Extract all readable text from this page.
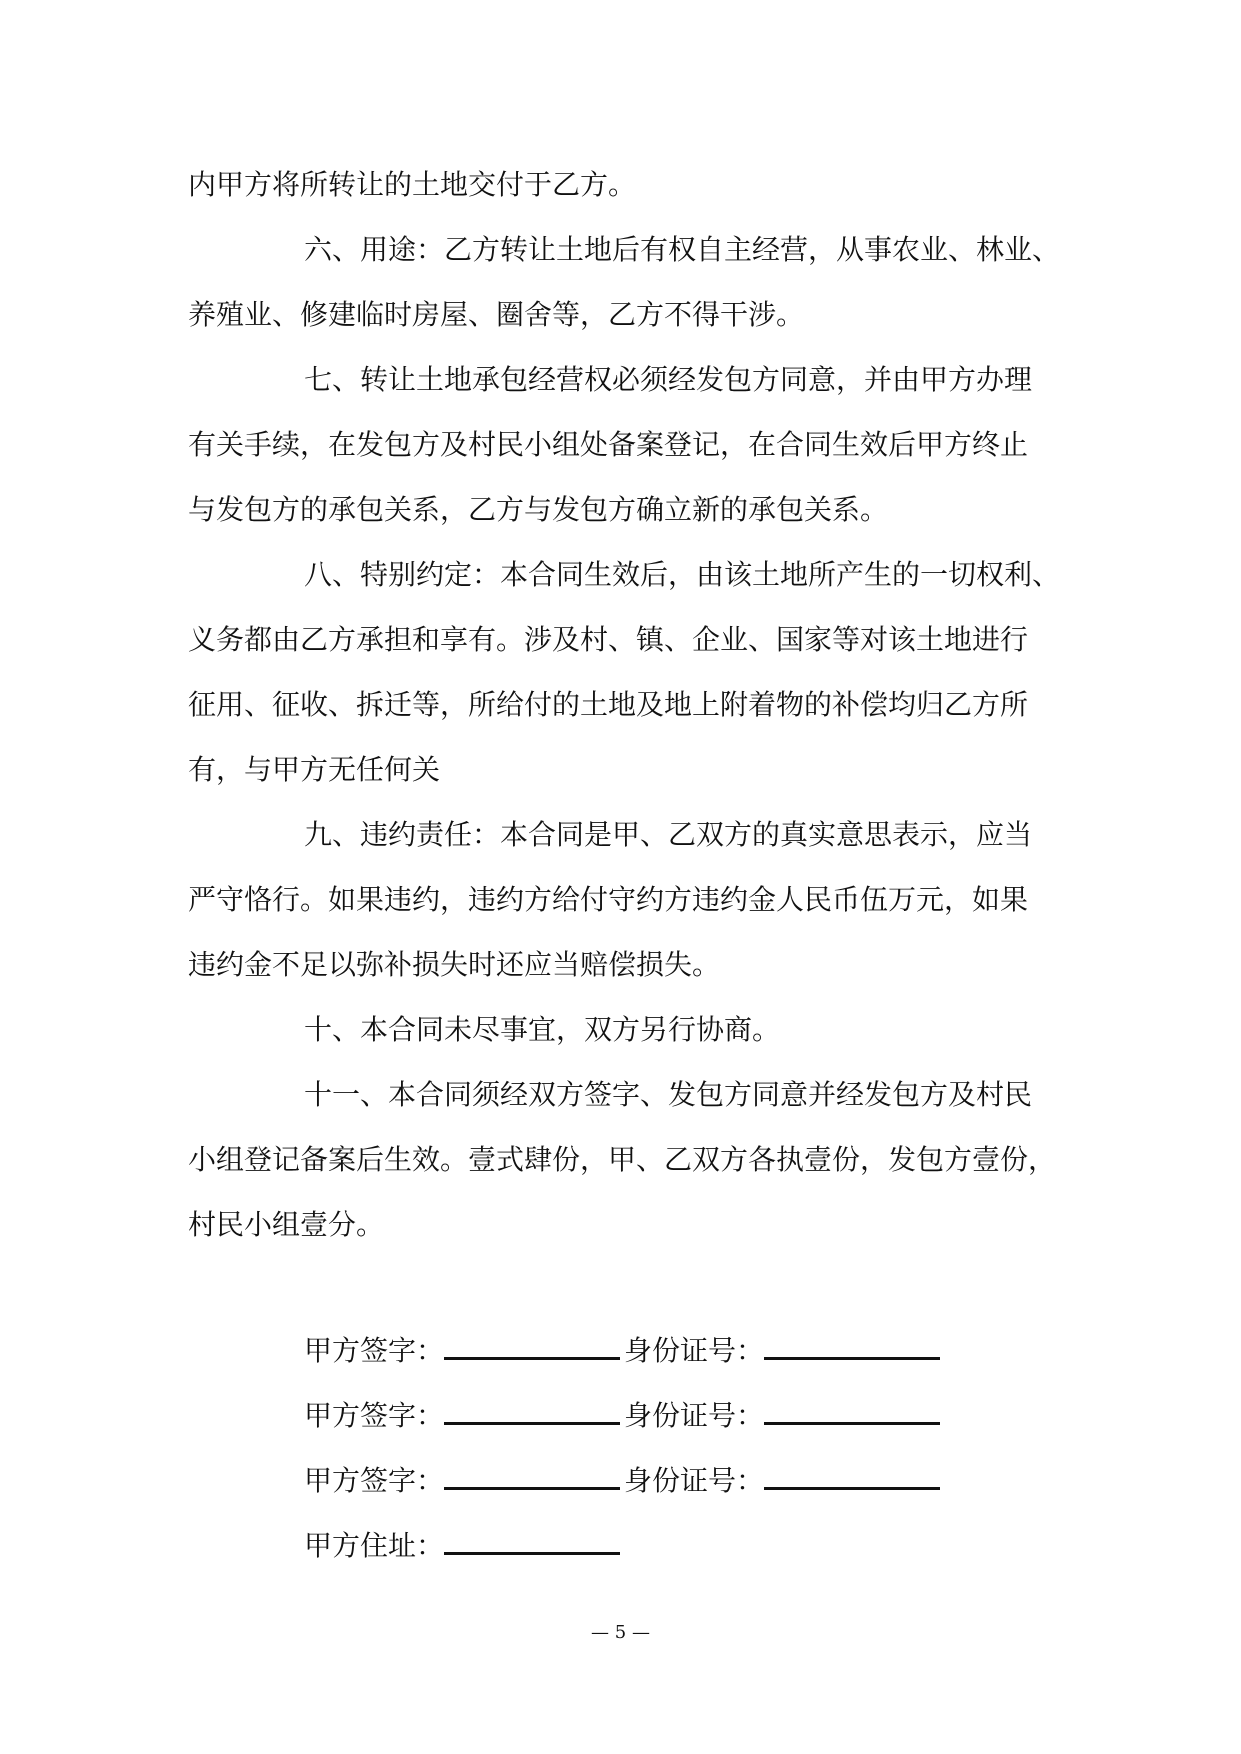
内甲方将所转让的土地交付于乙方。
六、用途：乙方转让土地后有权自主经营，从事农业、林业、
养殖业、修建临时房屋、圈舍等，乙方不得干涉。
七、转让土地承包经营权必须经发包方同意，并由甲方办理
有关手续，在发包方及村民小组处备案登记，在合同生效后甲方终止
与发包方的承包关系，乙方与发包方确立新的承包关系。
八、特别约定：本合同生效后，由该土地所产生的一切权利、
义务都由乙方承担和享有。涉及村、镇、企业、国家等对该土地进行
征用、征收、拆迁等，所给付的土地及地上附着物的补偿均归乙方所
有，与甲方无任何关
九、违约责任：本合同是甲、乙双方的真实意思表示，应当
严守恪行。如果违约，违约方给付守约方违约金人民币伍万元，如果
违约金不足以弥补损失时还应当赔偿损失。
十、本合同未尽事宜，双方另行协商。
十一、本合同须经双方签字、发包方同意并经发包方及村民
小组登记备案后生效。壹式肆份，甲、乙双方各执壹份，发包方壹份，
村民小组壹分。
甲方签字：	身份证号：
甲方签字：	身份证号：
甲方签字：	身份证号：
甲方住址：
— 5 —
